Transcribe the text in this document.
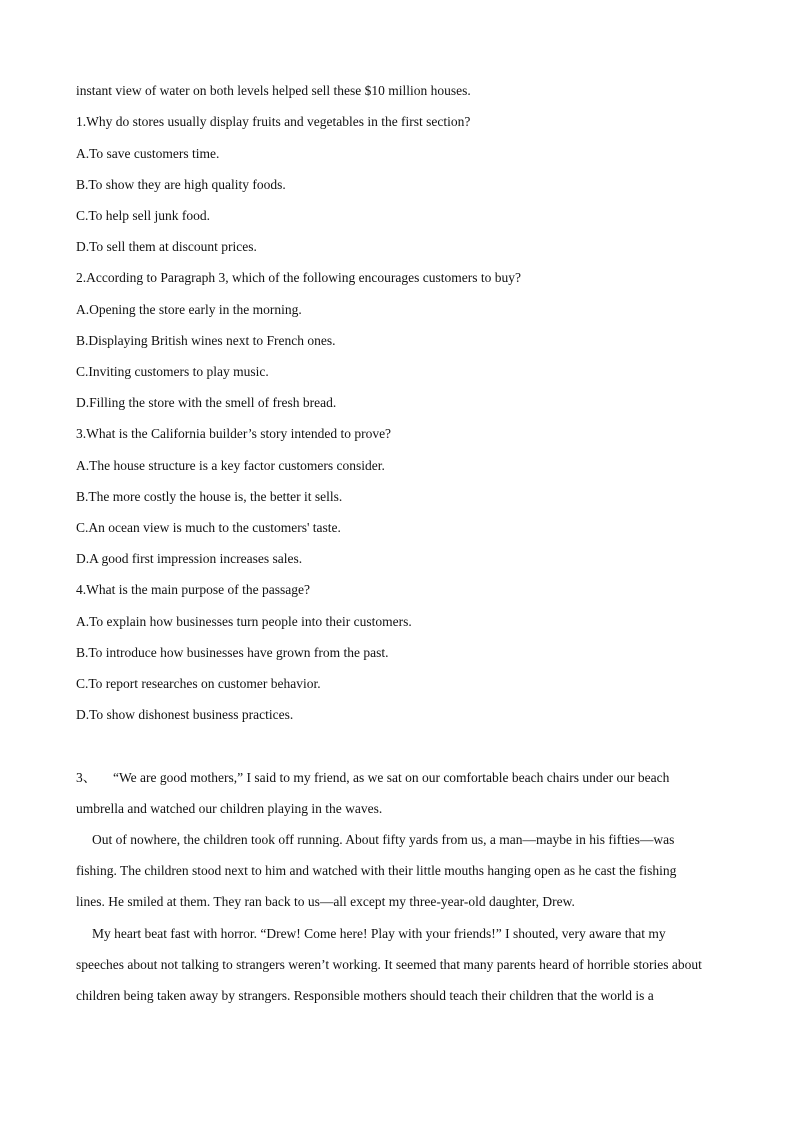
instant view of water on both levels helped sell these $10 million houses.
1.Why do stores usually display fruits and vegetables in the first section?
A.To save customers time.
B.To show they are high quality foods.
C.To help sell junk food.
D.To sell them at discount prices.
2.According to Paragraph 3, which of the following encourages customers to buy?
A.Opening the store early in the morning.
B.Displaying British wines next to French ones.
C.Inviting customers to play music.
D.Filling the store with the smell of fresh bread.
3.What is the California builder’s story intended to prove?
A.The house structure is a key factor customers consider.
B.The more costly the house is, the better it sells.
C.An ocean view is much to the customers' taste.
D.A good first impression increases sales.
4.What is the main purpose of the passage?
A.To explain how businesses turn people into their customers.
B.To introduce how businesses have grown from the past.
C.To report researches on customer behavior.
D.To show dishonest business practices.
3、 “We are good mothers,” I said to my friend, as we sat on our comfortable beach chairs under our beach
umbrella and watched our children playing in the waves.
Out of nowhere, the children took off running. About fifty yards from us, a man—maybe in his fifties—was
fishing. The children stood next to him and watched with their little mouths hanging open as he cast the fishing
lines. He smiled at them. They ran back to us—all except my three-year-old daughter, Drew.
My heart beat fast with horror. “Drew! Come here! Play with your friends!” I shouted, very aware that my
speeches about not talking to strangers weren’t working. It seemed that many parents heard of horrible stories about
children being taken away by strangers. Responsible mothers should teach their children that the world is a
